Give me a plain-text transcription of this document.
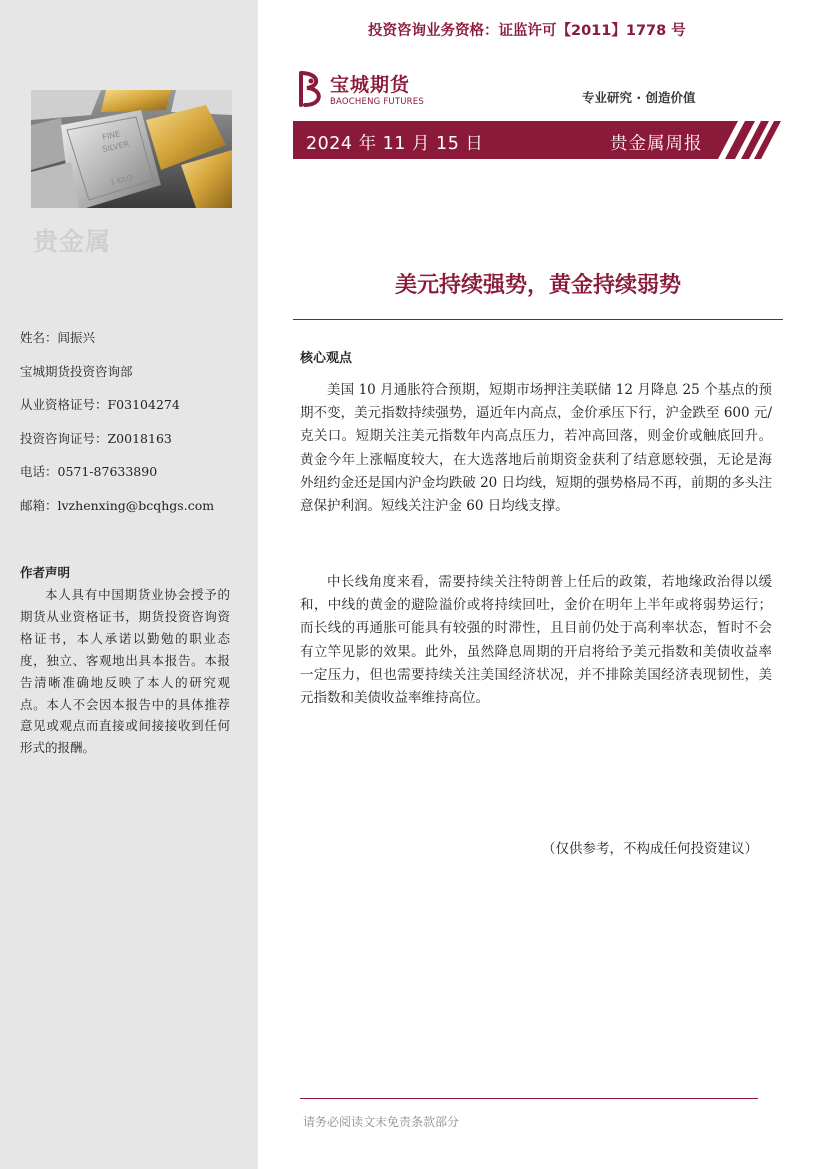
FINE
SILVER
1 KILO
贵金属
姓名：闾振兴
宝城期货投资咨询部
从业资格证号：F03104274
投资咨询证号：Z0018163
电话：0571-87633890
邮箱：lvzhenxing@bcqhgs.com
作者声明
本人具有中国期货业协会授予的期货从业资格证书，期货投资咨询资格证书，本人承诺以勤勉的职业态度，独立、客观地出具本报告。本报告清晰准确地反映了本人的研究观点。本人不会因本报告中的具体推荐意见或观点而直接或间接接收到任何形式的报酬。
投资咨询业务资格：证监许可【2011】1778 号
宝城期货
BAOCHENG FUTURES	专业研究 · 创造价值
2024 年 11 月 15 日	贵金属周报
美元持续强势，黄金持续弱势
核心观点

美国 10 月通胀符合预期，短期市场押注美联储 12 月降息 25 个基点的预期不变，美元指数持续强势，逼近年内高点，金价承压下行，沪金跌至 600 元/克关口。短期关注美元指数年内高点压力，若冲高回落，则金价或触底回升。黄金今年上涨幅度较大，在大选落地后前期资金获利了结意愿较强，无论是海外纽约金还是国内沪金均跌破 20 日均线，短期的强势格局不再，前期的多头注意保护利润。短线关注沪金 60 日均线支撑。

中长线角度来看，需要持续关注特朗普上任后的政策，若地缘政治得以缓和，中线的黄金的避险溢价或将持续回吐，金价在明年上半年或将弱势运行；而长线的再通胀可能具有较强的时滞性，且目前仍处于高利率状态，暂时不会有立竿见影的效果。此外，虽然降息周期的开启将给予美元指数和美债收益率一定压力，但也需要持续关注美国经济状况，并不排除美国经济表现韧性，美元指数和美债收益率维持高位。

（仅供参考，不构成任何投资建议）
请务必阅读文末免责条款部分
